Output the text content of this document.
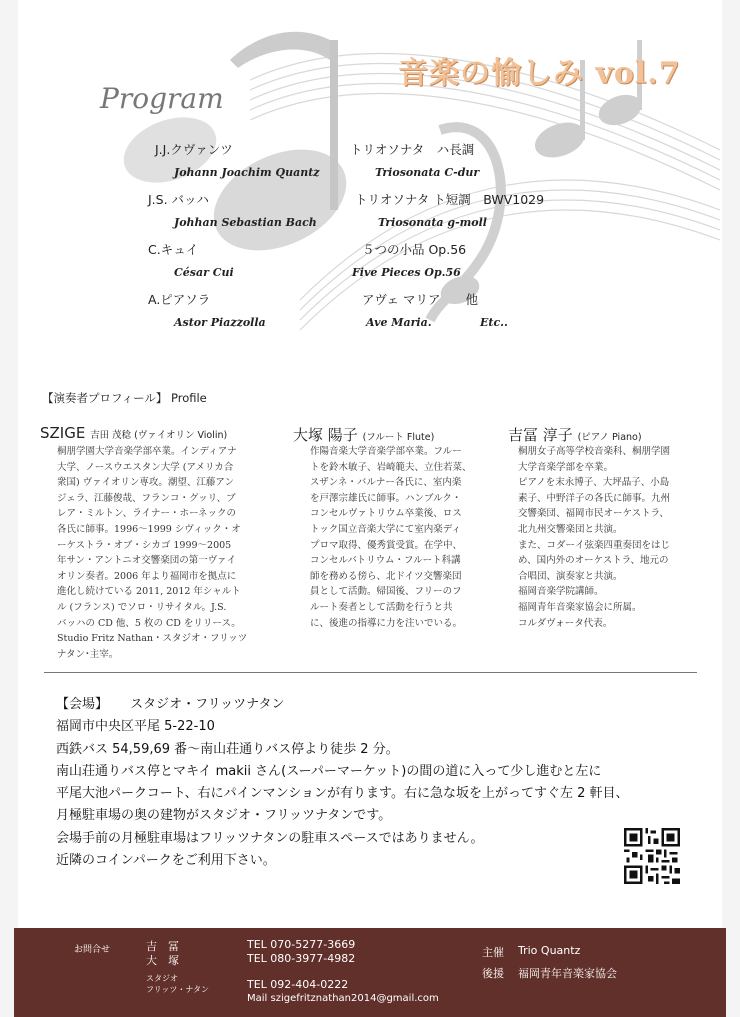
音楽の愉しみ vol.7
Program
J.J.クヴァンツ	トリオソナタ　ハ長調
Johann Joachim Quantz	Triosonata C-dur
J.S. バッハ	トリオソナタ ト短調　BWV1029
Johhan Sebastian Bach	Triosonata g-moll
C.キュイ	５つの小品 Op.56
César Cui	Five Pieces Op.56
A.ピアソラ	アヴェ マリア　　他
Astor Piazzolla	Ave Maria.	Etc..
【演奏者プロフィール】 Profile
SZIGE 吉田 茂稔 (ヴァイオリン Violin)
桐朋学園大学音楽学部卒業。インディアナ
大学、ノースウエスタン大学 (アメリカ合
衆国) ヴァイオリン専攻。潮望、江藤アン
ジェラ、江藤俊哉、フランコ・グッリ、ブ
レア・ミルトン、ライナー・ホーネックの
各氏に師事。1996～1999 シヴィック・オ
ーケストラ・オブ・シカゴ 1999～2005
年サン・アントニオ交響楽団の第一ヴァイ
オリン奏者。2006 年より福岡市を拠点に
進化し続けている 2011, 2012 年シャルト
ル (フランス) でソロ・リサイタル。J.S.
バッハの CD 他、5 枚の CD をリリース。
Studio Fritz Nathan・スタジオ・フリッツ
ナタン･主宰。
大塚 陽子 (フルート Flute)
作陽音楽大学音楽学部卒業。フルー
トを鈴木敏子、岩崎範夫、立住若菜、
スザンネ・バルナー各氏に、室内楽
を戸澤宗雄氏に師事。ハンブルク・
コンセルヴァトリウム卒業後、ロス
トック国立音楽大学にて室内楽ディ
プロマ取得、優秀賞受賞。在学中、
コンセルバトリウム・フルート科講
師を務める傍ら、北ドイツ交響楽団
員として活動。帰国後、フリーのフ
ルート奏者として活動を行うと共
に、後進の指導に力を注いでいる。
吉冨 淳子 (ピアノ Piano)
桐朋女子高等学校音楽科、桐朋学園
大学音楽学部を卒業。
ピアノを末永博子、大坪晶子、小島
素子、中野洋子の各氏に師事。九州
交響楽団、福岡市民オーケストラ、
北九州交響楽団と共演。
また、コダーイ弦楽四重奏団をはじ
め、国内外のオーケストラ、地元の
合唱団、演奏家と共演。
福岡音楽学院講師。
福岡青年音楽家協会に所属。
コルダヴォータ代表。
【会場】 スタジオ・フリッツナタン
福岡市中央区平尾 5-22-10
西鉄バス 54,59,69 番～南山荘通りバス停より徒歩 2 分。
南山荘通りバス停とマキイ makii さん(スーパーマーケット)の間の道に入って少し進むと左に
平尾大池パークコート、右にパインマンションが有ります。右に急な坂を上がってすぐ左 2 軒目、
月極駐車場の奥の建物がスタジオ・フリッツナタンです。
会場手前の月極駐車場はフリッツナタンの駐車スペースではありません。
近隣のコインパークをご利用下さい。
お問合せ	吉　冨	TEL 070-5277-3669
大　塚	TEL 080-3977-4982
スタジオ
フリッツ・ナタン	TEL 092-404-0222
Mail szigefritznathan2014@gmail.com
主催 Trio Quantz
後援 福岡青年音楽家協会
